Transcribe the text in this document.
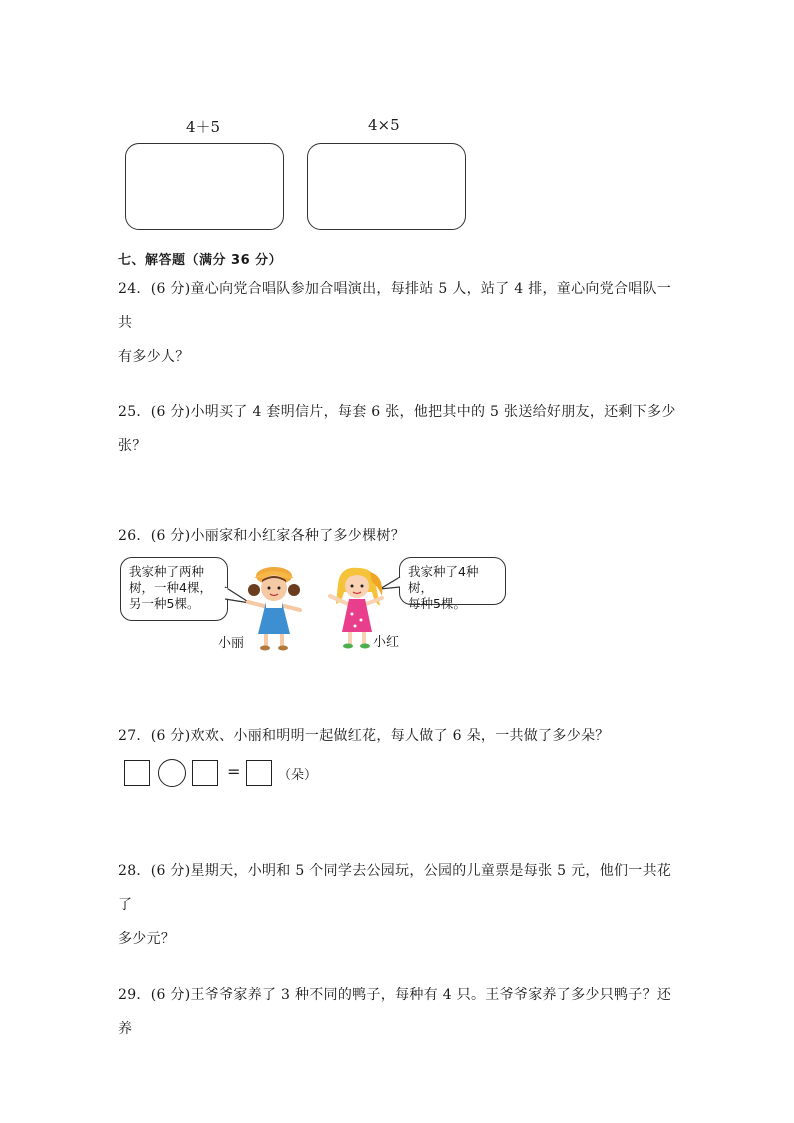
4＋5	4×5
七、解答题（满分 36 分）
24．(6 分)童心向党合唱队参加合唱演出，每排站 5 人，站了 4 排，童心向党合唱队一共
有多少人？
25．(6 分)小明买了 4 套明信片，每套 6 张，他把其中的 5 张送给好朋友，还剩下多少
张？
26．(6 分)小丽家和小红家各种了多少棵树？
我家种了两种
树，一种4棵，
另一种5棵。
我家种了4种树，
每种5棵。
小丽	小红
27．(6 分)欢欢、小丽和明明一起做红花，每人做了 6 朵，一共做了多少朵？
=	（朵）
28．(6 分)星期天，小明和 5 个同学去公园玩，公园的儿童票是每张 5 元，他们一共花了
多少元？
29．(6 分)王爷爷家养了 3 种不同的鸭子，每种有 4 只。王爷爷家养了多少只鸭子？还养
